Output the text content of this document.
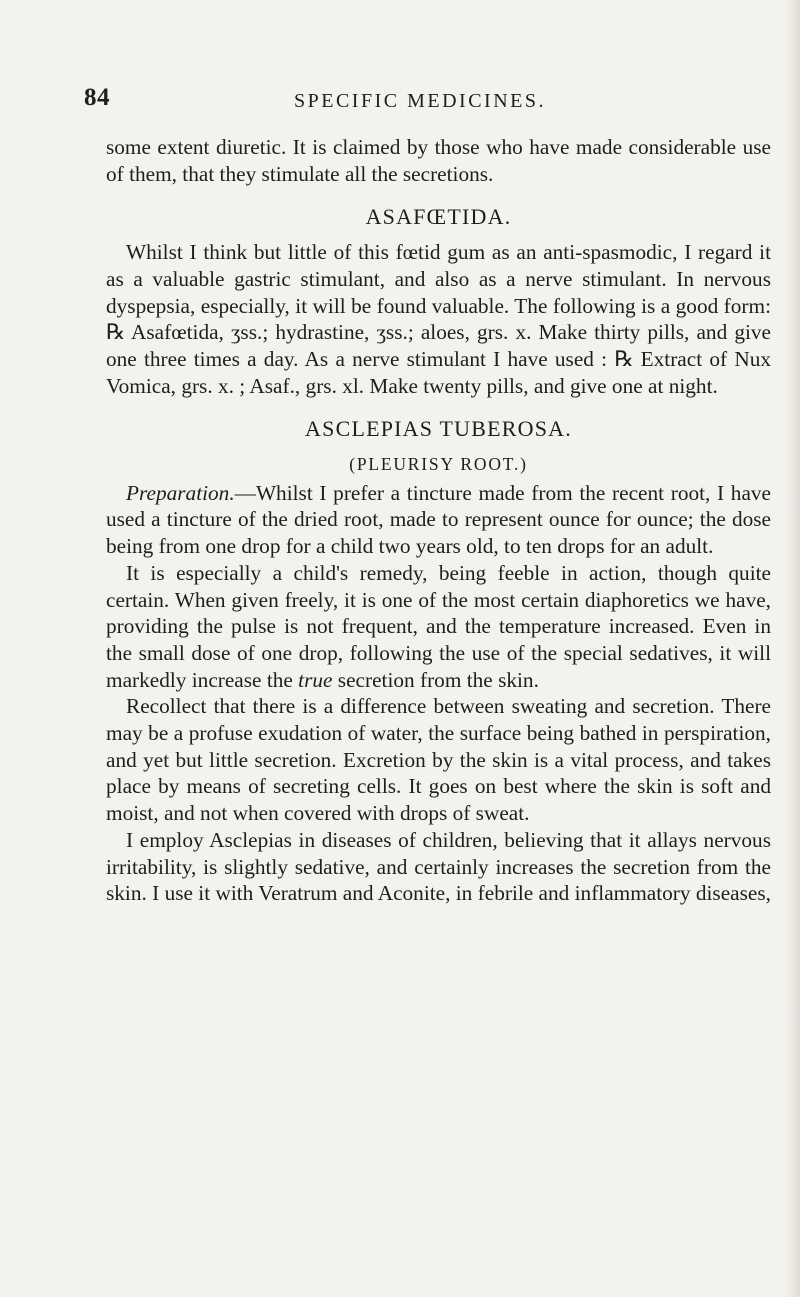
84	SPECIFIC MEDICINES.

some extent diuretic. It is claimed by those who have made considerable use of them, that they stimulate all the secretions.

ASAFŒTIDA.

Whilst I think but little of this fœtid gum as an anti-spasmodic, I regard it as a valuable gastric stimulant, and also as a nerve stimulant. In nervous dyspepsia, especially, it will be found valuable. The following is a good form: ℞ Asafœtida, ʒss.; hydrastine, ʒss.; aloes, grs. x. Make thirty pills, and give one three times a day. As a nerve stimulant I have used : ℞ Extract of Nux Vomica, grs. x. ; Asaf., grs. xl. Make twenty pills, and give one at night.

ASCLEPIAS TUBEROSA.
(PLEURISY ROOT.)

Preparation.—Whilst I prefer a tincture made from the recent root, I have used a tincture of the dried root, made to represent ounce for ounce; the dose being from one drop for a child two years old, to ten drops for an adult.

It is especially a child's remedy, being feeble in action, though quite certain. When given freely, it is one of the most certain diaphoretics we have, providing the pulse is not frequent, and the temperature increased. Even in the small dose of one drop, following the use of the special sedatives, it will markedly increase the true secretion from the skin.

Recollect that there is a difference between sweating and secretion. There may be a profuse exudation of water, the surface being bathed in perspiration, and yet but little secretion. Excretion by the skin is a vital process, and takes place by means of secreting cells. It goes on best where the skin is soft and moist, and not when covered with drops of sweat.

I employ Asclepias in diseases of children, believing that it allays nervous irritability, is slightly sedative, and certainly increases the secretion from the skin. I use it with Veratrum and Aconite, in febrile and inflammatory diseases,
